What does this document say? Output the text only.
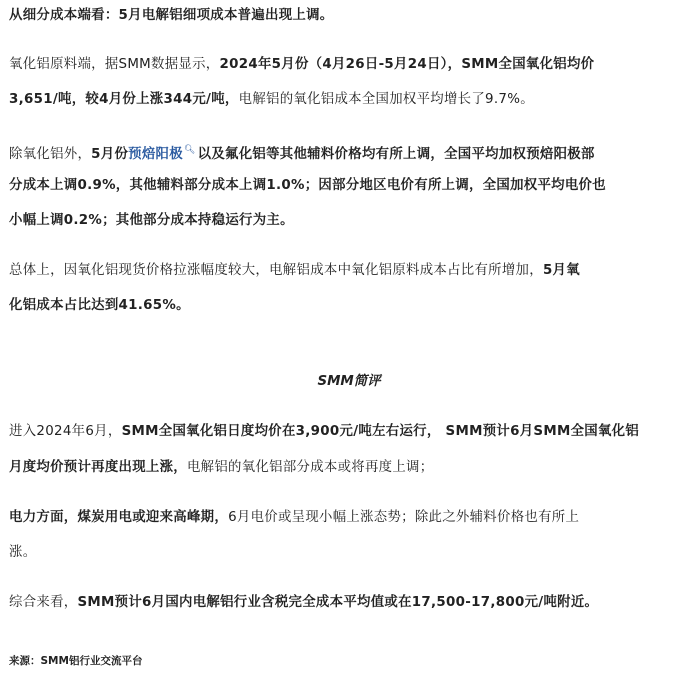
从细分成本端看：5月电解铝细项成本普遍出现上调。
氧化铝原料端，据SMM数据显示，2024年5月份（4月26日-5月24日），SMM全国氧化铝均价
3,651/吨，较4月份上涨344元/吨，电解铝的氧化铝成本全国加权平均增长了9.7%。
除氧化铝外，5月份预焙阳极🔍︎ 以及氟化铝等其他辅料价格均有所上调，全国平均加权预焙阳极部
分成本上调0.9%，其他辅料部分成本上调1.0%；因部分地区电价有所上调，全国加权平均电价也
小幅上调0.2%；其他部分成本持稳运行为主。
总体上，因氧化铝现货价格拉涨幅度较大，电解铝成本中氧化铝原料成本占比有所增加，5月氧
化铝成本占比达到41.65%。
SMM简评
进入2024年6月，SMM全国氧化铝日度均价在3,900元/吨左右运行， SMM预计6月SMM全国氧化铝
月度均价预计再度出现上涨，电解铝的氧化铝部分成本或将再度上调；
电力方面，煤炭用电或迎来高峰期，6月电价或呈现小幅上涨态势；除此之外辅料价格也有所上
涨。
综合来看，SMM预计6月国内电解铝行业含税完全成本平均值或在17,500-17,800元/吨附近。
来源：SMM铝行业交流平台
